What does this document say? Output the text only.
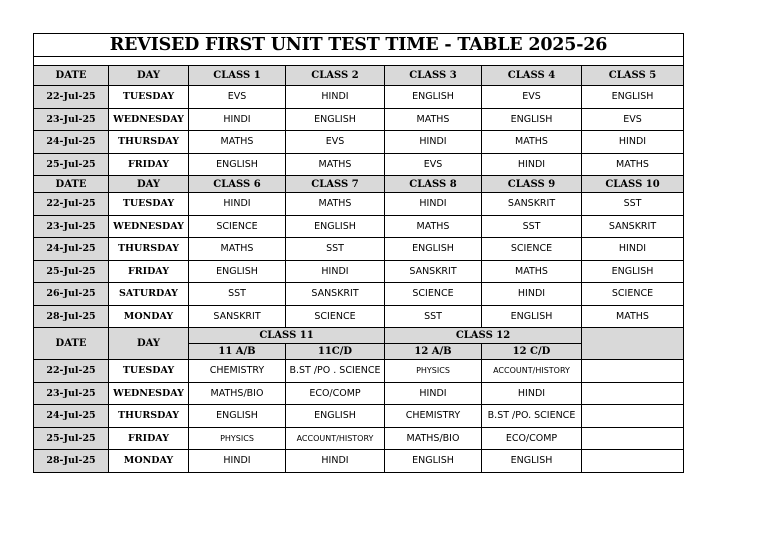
REVISED FIRST UNIT TEST TIME - TABLE 2025-26						

DATE	DAY	CLASS 1	CLASS 2	CLASS 3	CLASS 4	CLASS 5
22-Jul-25	TUESDAY	EVS	HINDI	ENGLISH	EVS	ENGLISH
23-Jul-25	WEDNESDAY	HINDI	ENGLISH	MATHS	ENGLISH	EVS
24-Jul-25	THURSDAY	MATHS	EVS	HINDI	MATHS	HINDI
25-Jul-25	FRIDAY	ENGLISH	MATHS	EVS	HINDI	MATHS
DATE	DAY	CLASS 6	CLASS 7	CLASS 8	CLASS 9	CLASS 10
22-Jul-25	TUESDAY	HINDI	MATHS	HINDI	SANSKRIT	SST
23-Jul-25	WEDNESDAY	SCIENCE	ENGLISH	MATHS	SST	SANSKRIT
24-Jul-25	THURSDAY	MATHS	SST	ENGLISH	SCIENCE	HINDI
25-Jul-25	FRIDAY	ENGLISH	HINDI	SANSKRIT	MATHS	ENGLISH
26-Jul-25	SATURDAY	SST	SANSKRIT	SCIENCE	HINDI	SCIENCE
28-Jul-25	MONDAY	SANSKRIT	SCIENCE	SST	ENGLISH	MATHS
DATE	DAY	CLASS 11		CLASS 12		
		11 A/B	11C/D	12 A/B	12 C/D	
22-Jul-25	TUESDAY	CHEMISTRY	B.ST /PO . SCIENCE	PHYSICS	ACCOUNT/HISTORY	
23-Jul-25	WEDNESDAY	MATHS/BIO	ECO/COMP	HINDI	HINDI	
24-Jul-25	THURSDAY	ENGLISH	ENGLISH	CHEMISTRY	B.ST /PO. SCIENCE	
25-Jul-25	FRIDAY	PHYSICS	ACCOUNT/HISTORY	MATHS/BIO	ECO/COMP	
28-Jul-25	MONDAY	HINDI	HINDI	ENGLISH	ENGLISH	
